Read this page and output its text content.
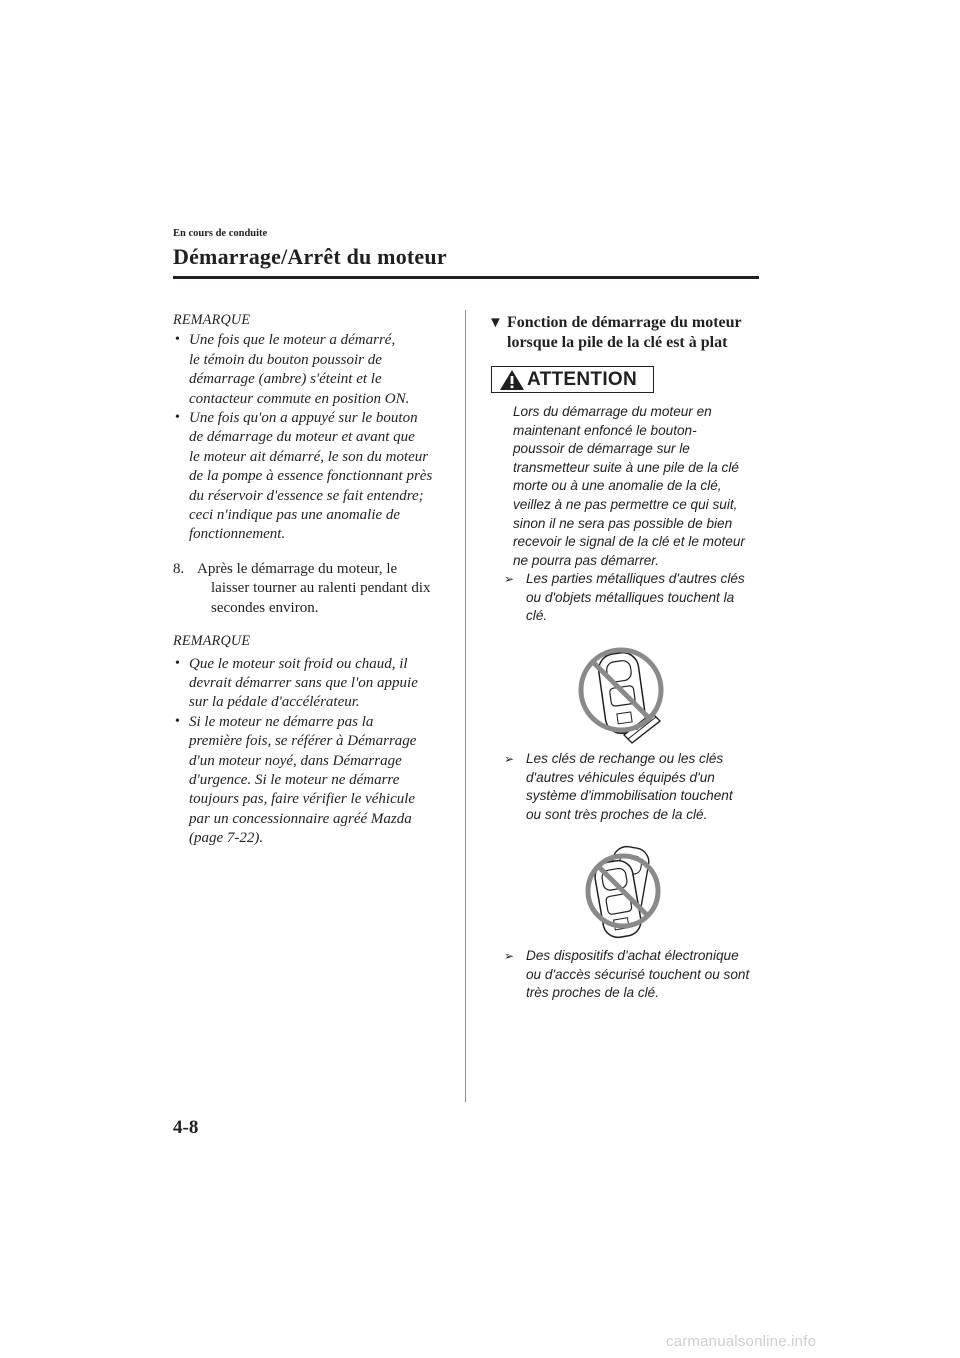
En cours de conduite
Démarrage/Arrêt du moteur
REMARQUE
• Une fois que le moteur a démarré,
le témoin du bouton poussoir de
démarrage (ambre) s'éteint et le
contacteur commute en position ON.
• Une fois qu'on a appuyé sur le bouton
de démarrage du moteur et avant que
le moteur ait démarré, le son du moteur
de la pompe à essence fonctionnant près
du réservoir d'essence se fait entendre;
ceci n'indique pas une anomalie de
fonctionnement.
8. Après le démarrage du moteur, le
laisser tourner au ralenti pendant dix
secondes environ.
REMARQUE
• Que le moteur soit froid ou chaud, il
devrait démarrer sans que l'on appuie
sur la pédale d'accélérateur.
• Si le moteur ne démarre pas la
première fois, se référer à Démarrage
d'un moteur noyé, dans Démarrage
d'urgence. Si le moteur ne démarre
toujours pas, faire vérifier le véhicule
par un concessionnaire agréé Mazda
(page 7-22).
▼ Fonction de démarrage du moteur
lorsque la pile de la clé est à plat
ATTENTION
Lors du démarrage du moteur en
maintenant enfoncé le bouton-
poussoir de démarrage sur le
transmetteur suite à une pile de la clé
morte ou à une anomalie de la clé,
veillez à ne pas permettre ce qui suit,
sinon il ne sera pas possible de bien
recevoir le signal de la clé et le moteur
ne pourra pas démarrer.
➢ Les parties métalliques d'autres clés
ou d'objets métalliques touchent la
clé.
➢ Les clés de rechange ou les clés
d'autres véhicules équipés d'un
système d'immobilisation touchent
ou sont très proches de la clé.
➢ Des dispositifs d'achat électronique
ou d'accès sécurisé touchent ou sont
très proches de la clé.
4-8
carmanualsonline.info
